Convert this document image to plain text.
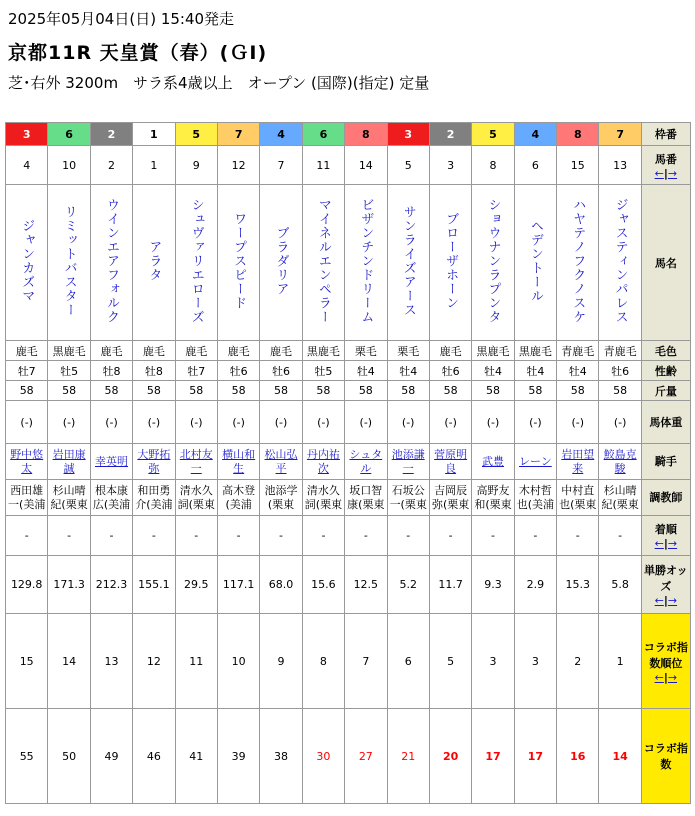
2025年05月04日(日) 15:40発走
京都11R 天皇賞（春）(ＧⅠ)
芝･右外 3200m　サラ系4歳以上　オープン (国際)(指定) 定量
3	6	2	1	5	7	4	6	8	3	2	5	4	8	7	枠番

4	10	2	1	9	12	7	11	14	5	3	8	6	15	13	馬番
←|→

ジャンカズマ	リミットバスター	ウインエアフォルク	アラタ	シュヴァリエローズ	ワープスピード	ブラダリア	マイネルエンペラー	ビザンチンドリーム	サンライズアース	ブローザホーン	ショウナンラプンタ	ヘデントール	ハヤテノフクノスケ	ジャスティンパレス	馬名

鹿毛	黒鹿毛	鹿毛	鹿毛	鹿毛	鹿毛	鹿毛	黒鹿毛	栗毛	栗毛	鹿毛	黒鹿毛	黒鹿毛	青鹿毛	青鹿毛	毛色

牡7	牡5	牡8	牡8	牡7	牡6	牡6	牡5	牡4	牡4	牡6	牡4	牡4	牡4	牡6	性齢

58	58	58	58	58	58	58	58	58	58	58	58	58	58	58	斤量

(-)	(-)	(-)	(-)	(-)	(-)	(-)	(-)	(-)	(-)	(-)	(-)	(-)	(-)	(-)	馬体重

野中悠太	岩田康誠	幸英明	大野拓弥	北村友一	横山和生	松山弘平	丹内祐次	シュタル	池添謙一	菅原明良	武豊	レーン	岩田望来	鮫島克駿	騎手

西田雄一(美浦	杉山晴紀(栗東	根本康広(美浦	和田勇介(美浦	清水久詞(栗東	高木登(美浦	池添学(栗東	清水久詞(栗東	坂口智康(栗東	石坂公一(栗東	吉岡辰弥(栗東	高野友和(栗東	木村哲也(美浦	中村直也(栗東	杉山晴紀(栗東	調教師

-	-	-	-	-	-	-	-	-	-	-	-	-	-	-	着順
←|→

129.8	171.3	212.3	155.1	29.5	117.1	68.0	15.6	12.5	5.2	11.7	9.3	2.9	15.3	5.8	単勝オッズ
←|→

15	14	13	12	11	10	9	8	7	6	5	3	3	2	1	コラボ指数順位
←|→

55	50	49	46	41	39	38	30	27	21	20	17	17	16	14	コラボ指数
